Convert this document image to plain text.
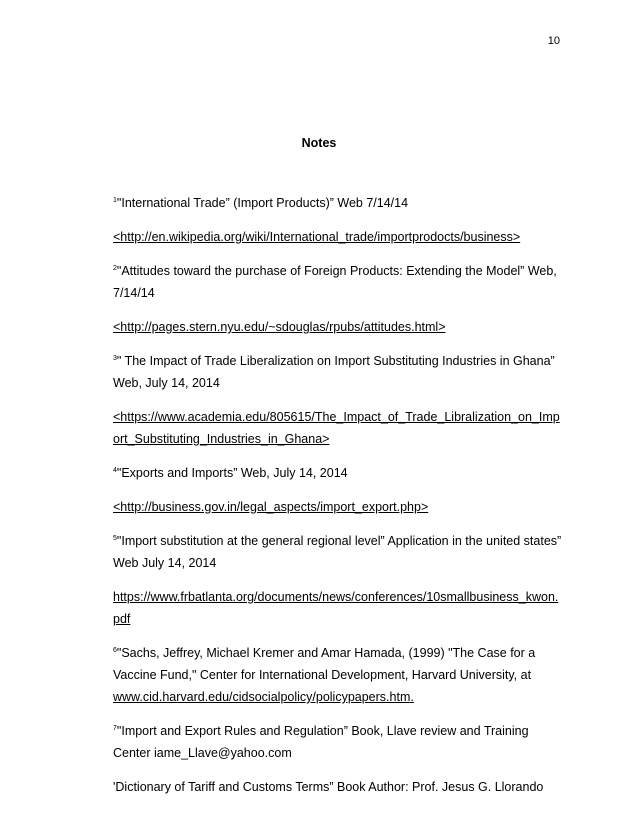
10
Notes
$^1$"International Trade” (Import Products)” Web 7/14/14
<http://en.wikipedia.org/wiki/International_trade/importprodocts/business>
$^2$"Attitudes toward the purchase of Foreign Products: Extending the Model” Web,
7/14/14
<http://pages.stern.nyu.edu/~sdouglas/rpubs/attitudes.html>
$^3$" The Impact of Trade Liberalization on Import Substituting Industries in Ghana”
Web, July 14, 2014
<https://www.academia.edu/805615/The_Impact_of_Trade_Libralization_on_Imp
ort_Substituting_Industries_in_Ghana>
$^4$"Exports and Imports” Web, July 14, 2014
<http://business.gov.in/legal_aspects/import_export.php>
$^5$"Import substitution at the general regional level” Application in the united states”
Web July 14, 2014
https://www.frbatlanta.org/documents/news/conferences/10smallbusiness_kwon.
pdf
$^6$"Sachs, Jeffrey, Michael Kremer and Amar Hamada, (1999) "The Case for a
Vaccine Fund," Center for International Development, Harvard University, at
www.cid.harvard.edu/cidsocialpolicy/policypapers.htm.
$^7$"Import and Export Rules and Regulation” Book, Llave review and Training
Center iame_Llave@yahoo.com
'Dictionary of Tariff and Customs Terms” Book Author: Prof. Jesus G. Llorando
